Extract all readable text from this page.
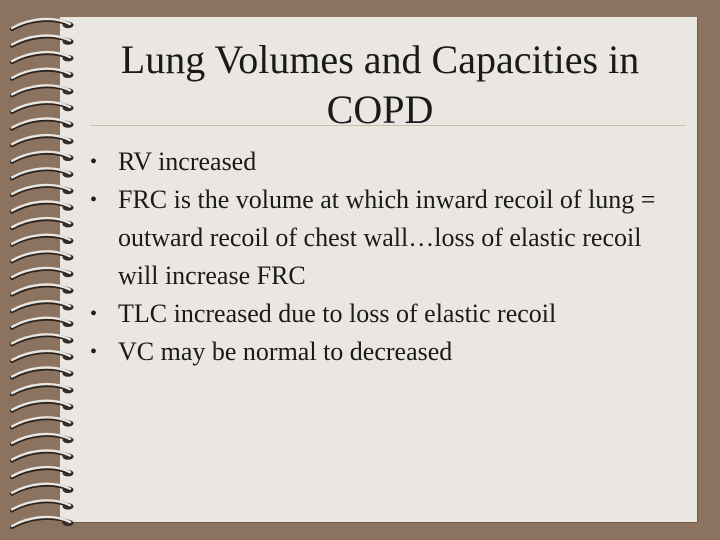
Lung Volumes and Capacities in
COPD
• RV increased
• FRC is the volume at which inward recoil of lung = outward recoil of chest wall…loss of elastic recoil will increase FRC
• TLC increased due to loss of elastic recoil
• VC may be normal to decreased
